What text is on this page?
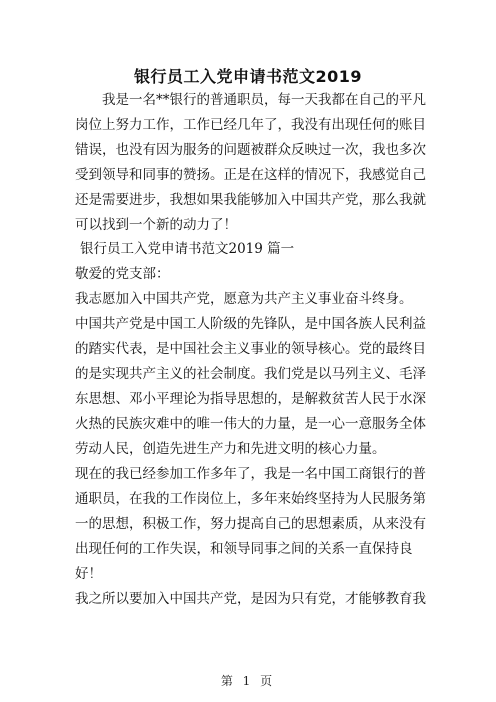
银行员工入党申请书范文2019
我是一名**银行的普通职员，每一天我都在自己的平凡
岗位上努力工作，工作已经几年了，我没有出现任何的账目
错误，也没有因为服务的问题被群众反映过一次，我也多次
受到领导和同事的赞扬。正是在这样的情况下，我感觉自己
还是需要进步，我想如果我能够加入中国共产党，那么我就
可以找到一个新的动力了！
银行员工入党申请书范文2019 篇一
敬爱的党支部：
我志愿加入中国共产党，愿意为共产主义事业奋斗终身。
中国共产党是中国工人阶级的先锋队，是中国各族人民利益
的踏实代表，是中国社会主义事业的领导核心。党的最终目
的是实现共产主义的社会制度。我们党是以马列主义、毛泽
东思想、邓小平理论为指导思想的，是解救贫苦人民于水深
火热的民族灾难中的唯一伟大的力量，是一心一意服务全体
劳动人民，创造先进生产力和先进文明的核心力量。
现在的我已经参加工作多年了，我是一名中国工商银行的普
通职员，在我的工作岗位上，多年来始终坚持为人民服务第
一的思想，积极工作，努力提高自己的思想素质，从来没有
出现任何的工作失误，和领导同事之间的关系一直保持良
好！
我之所以要加入中国共产党，是因为只有党，才能够教育我
第 1 页
